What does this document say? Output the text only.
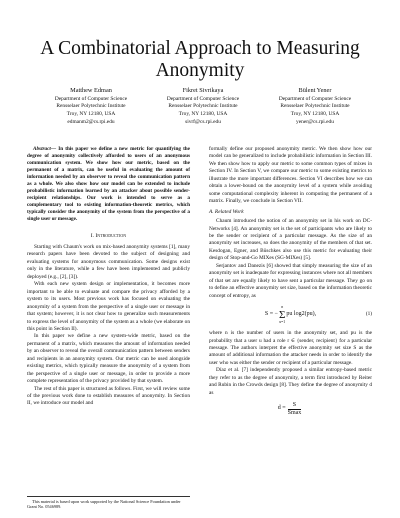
A Combinatorial Approach to Measuring Anonymity
Matthew Edman
Department of Computer Science
Rensselaer Polytechnic Institute
Troy, NY 12180, USA
edmanm2@cs.rpi.edu
Fikret Sivrikaya
Department of Computer Science
Rensselaer Polytechnic Institute
Troy, NY 12180, USA
sivrf@cs.rpi.edu
Bülent Yener
Department of Computer Science
Rensselaer Polytechnic Institute
Troy, NY 12180, USA
yener@cs.rpi.edu
Abstract— In this paper we define a new metric for quantifying the degree of anonymity collectively afforded to users of an anonymous communication system. We show how our metric, based on the permanent of a matrix, can be useful in evaluating the amount of information needed by an observer to reveal the communication pattern as a whole. We also show how our model can be extended to include probabilistic information learned by an attacker about possible sender-recipient relationships. Our work is intended to serve as a complementary tool to existing information-theoretic metrics, which typically consider the anonymity of the system from the perspective of a single user or message.
I. Introduction

Starting with Chaum's work on mix-based anonymity systems [1], many research papers have been devoted to the subject of designing and evaluating systems for anonymous communication. Some designs exist only in the literature, while a few have been implemented and publicly deployed (e.g., [2], [3]).

With each new system design or implementation, it becomes more important to be able to evaluate and compare the privacy afforded by a system to its users. Most previous work has focused on evaluating the anonymity of a system from the perspective of a single user or message in that system; however, it is not clear how to generalize such measurements to express the level of anonymity of the system as a whole (we elaborate on this point in Section II).

In this paper we define a new system-wide metric, based on the permanent of a matrix, which measures the amount of information needed by an observer to reveal the overall communication pattern between senders and recipients in an anonymity system. Our metric can be used alongside existing metrics, which typically measure the anonymity of a system from the perspective of a single user or message, in order to provide a more complete representation of the privacy provided by that system.

The rest of this paper is structured as follows. First, we will review some of the previous work done to establish measures of anonymity. In Section II, we introduce our model and

This material is based upon work supported by the National Science Foundation under Grant No. 0546989.

formally define our proposed anonymity metric. We then show how our model can be generalized to include probabilistic information in Section III. We then show how to apply our metric to some common types of mixes in Section IV. In Section V, we compare our metric to some existing metrics to illustrate the more important differences. Section VI describes how we can obtain a lower-bound on the anonymity level of a system while avoiding some computational complexity inherent in computing the permanent of a matrix. Finally, we conclude in Section VII.

A. Related Work

Chaum introduced the notion of an anonymity set in his work on DC-Networks [4]. An anonymity set is the set of participants who are likely to be the sender or recipient of a particular message. As the size of an anonymity set increases, so does the anonymity of the members of that set. Kesdogan, Egner, and Büschkes also use this metric for evaluating their design of Stop-and-Go MIXes (SG-MIXes) [5].

Serjantov and Danezis [6] showed that simply measuring the size of an anonymity set is inadequate for expressing instances where not all members of that set are equally likely to have sent a particular message. They go on to define an effective anonymity set size, based on the information theoretic concept of entropy, as

S = −
n
Σ
u=1
pu log2(pu),	(1)

where n is the number of users in the anonymity set, and pu is the probability that a user u had a role r ∈ {sender, recipient} for a particular message. The authors interpret the effective anonymity set size S as the amount of additional information the attacker needs in order to identify the user who was either the sender or recipient of a particular message.

Díaz et al. [7] independently proposed a similar entropy-based metric they refer to as the degree of anonymity, a term first introduced by Reiter and Rubin in the Crowds design [8]. They define the degree of anonymity d as

$d = \frac{S}{Smax}$
